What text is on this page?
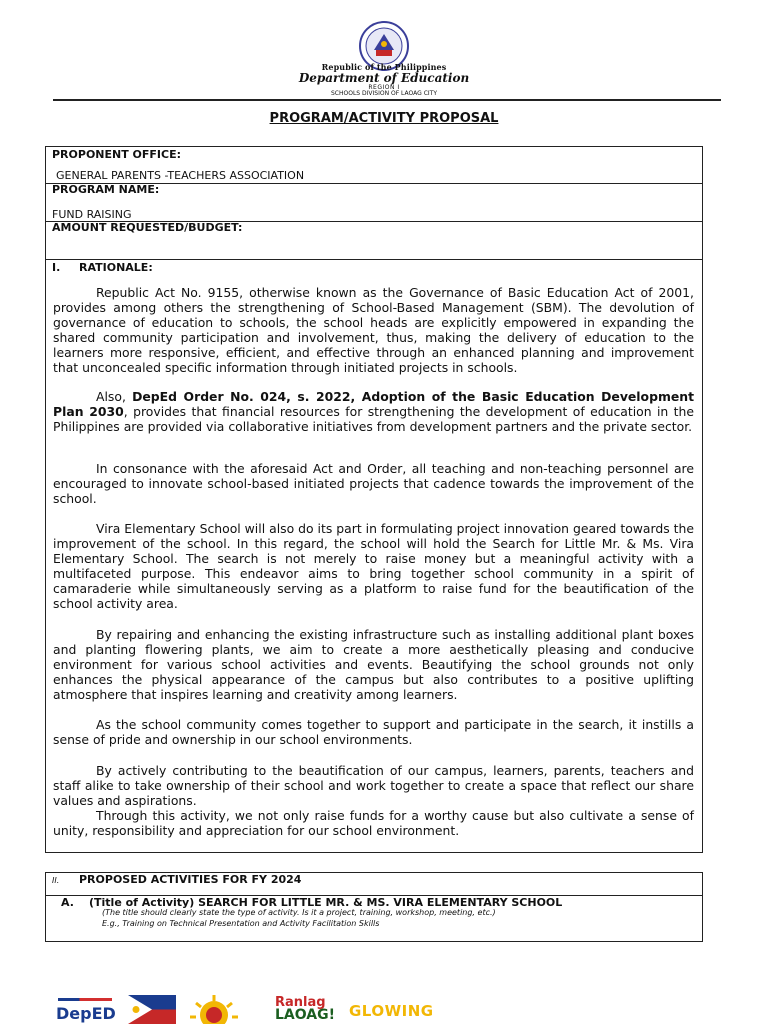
Republic of the Philippines
Department of Education
REGION I
SCHOOLS DIVISION OF LAOAG CITY
PROGRAM/ACTIVITY PROPOSAL
PROPONENT OFFICE:
GENERAL PARENTS -TEACHERS ASSOCIATION
PROGRAM NAME:
FUND RAISING
AMOUNT REQUESTED/BUDGET:
I. RATIONALE:
Republic Act No. 9155, otherwise known as the Governance of Basic Education Act of 2001, provides among others the strengthening of School-Based Management (SBM). The devolution of governance of education to schools, the school heads are explicitly empowered in expanding the shared community participation and involvement, thus, making the delivery of education to the learners more responsive, efficient, and effective through an enhanced planning and improvement that unconcealed specific information through initiated projects in schools.
Also, DepEd Order No. 024, s. 2022, Adoption of the Basic Education Development Plan 2030, provides that financial resources for strengthening the development of education in the Philippines are provided via collaborative initiatives from development partners and the private sector.
In consonance with the aforesaid Act and Order, all teaching and non-teaching personnel are encouraged to innovate school-based initiated projects that cadence towards the improvement of the school.
Vira Elementary School will also do its part in formulating project innovation geared towards the improvement of the school. In this regard, the school will hold the Search for Little Mr. & Ms. Vira Elementary School. The search is not merely to raise money but a meaningful activity with a multifaceted purpose. This endeavor aims to bring together school community in a spirit of camaraderie while simultaneously serving as a platform to raise fund for the beautification of the school activity area.
By repairing and enhancing the existing infrastructure such as installing additional plant boxes and planting flowering plants, we aim to create a more aesthetically pleasing and conducive environment for various school activities and events. Beautifying the school grounds not only enhances the physical appearance of the campus but also contributes to a positive uplifting atmosphere that inspires learning and creativity among learners.
As the school community comes together to support and participate in the search, it instills a sense of pride and ownership in our school environments.
By actively contributing to the beautification of our campus, learners, parents, teachers and staff alike to take ownership of their school and work together to create a space that reflect our share values and aspirations.
Through this activity, we not only raise funds for a worthy cause but also cultivate a sense of unity, responsibility and appreciation for our school environment.
II. PROPOSED ACTIVITIES FOR FY 2024
A. (Title of Activity) SEARCH FOR LITTLE MR. & MS. VIRA ELEMENTARY SCHOOL
(The title should clearly state the type of activity. Is it a project, training, workshop, meeting, etc.)
E.g., Training on Technical Presentation and Activity Facilitation Skills
DepED
Ranlag
LAOAG! GLOWING
